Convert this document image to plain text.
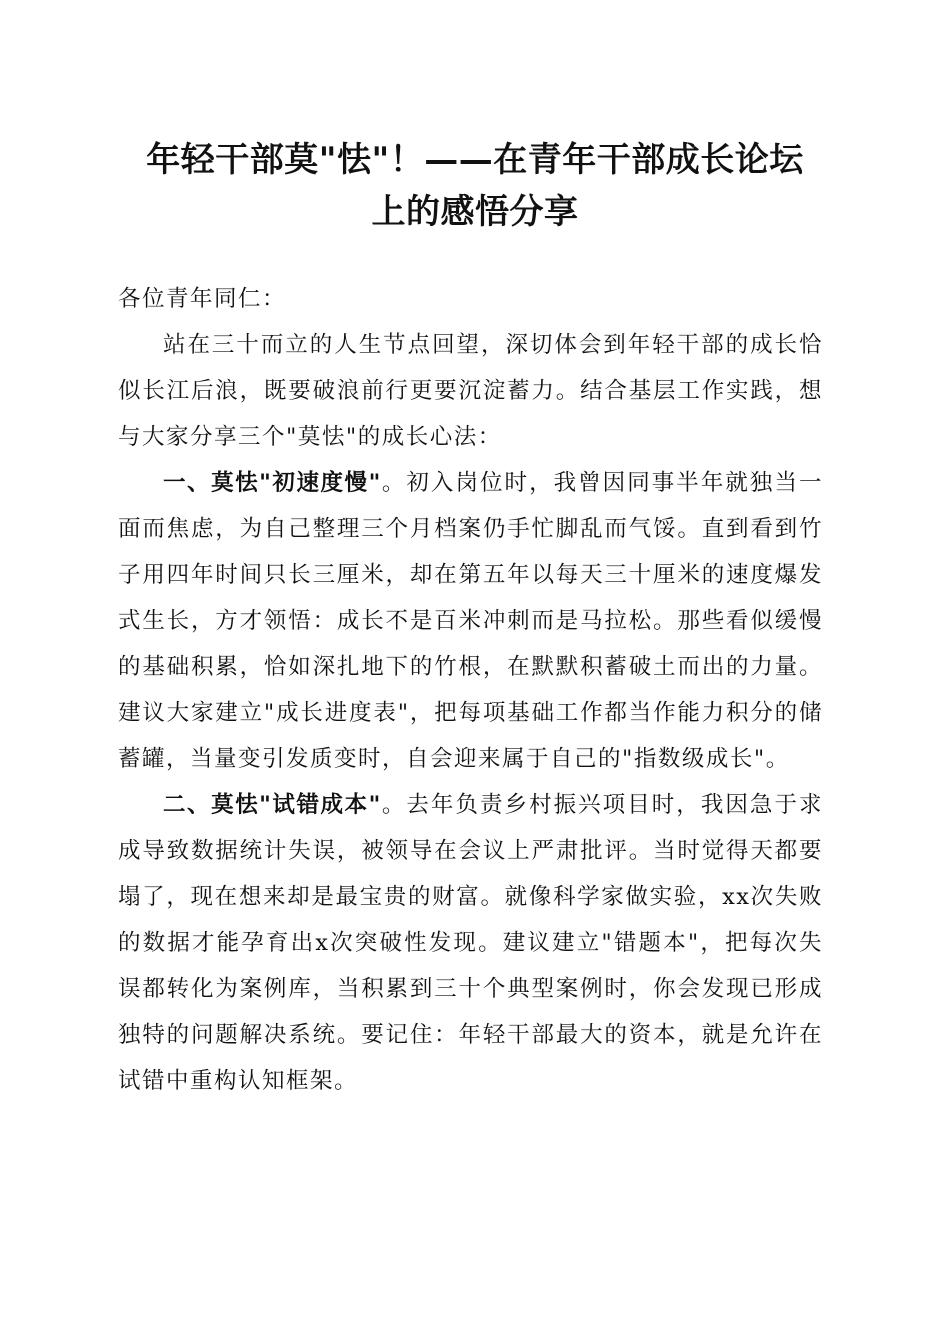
年轻干部莫"怯"！——在青年干部成长论坛
上的感悟分享

各位青年同仁：

站在三十而立的人生节点回望，深切体会到年轻干部的成长恰似长江后浪，既要破浪前行更要沉淀蓄力。结合基层工作实践，想与大家分享三个"莫怯"的成长心法：

一、莫怯"初速度慢"。初入岗位时，我曾因同事半年就独当一面而焦虑，为自己整理三个月档案仍手忙脚乱而气馁。直到看到竹子用四年时间只长三厘米，却在第五年以每天三十厘米的速度爆发式生长，方才领悟：成长不是百米冲刺而是马拉松。那些看似缓慢的基础积累，恰如深扎地下的竹根，在默默积蓄破土而出的力量。建议大家建立"成长进度表"，把每项基础工作都当作能力积分的储蓄罐，当量变引发质变时，自会迎来属于自己的"指数级成长"。

二、莫怯"试错成本"。去年负责乡村振兴项目时，我因急于求成导致数据统计失误，被领导在会议上严肃批评。当时觉得天都要塌了，现在想来却是最宝贵的财富。就像科学家做实验，xx次失败的数据才能孕育出x次突破性发现。建议建立"错题本"，把每次失误都转化为案例库，当积累到三十个典型案例时，你会发现已形成独特的问题解决系统。要记住：年轻干部最大的资本，就是允许在试错中重构认知框架。
